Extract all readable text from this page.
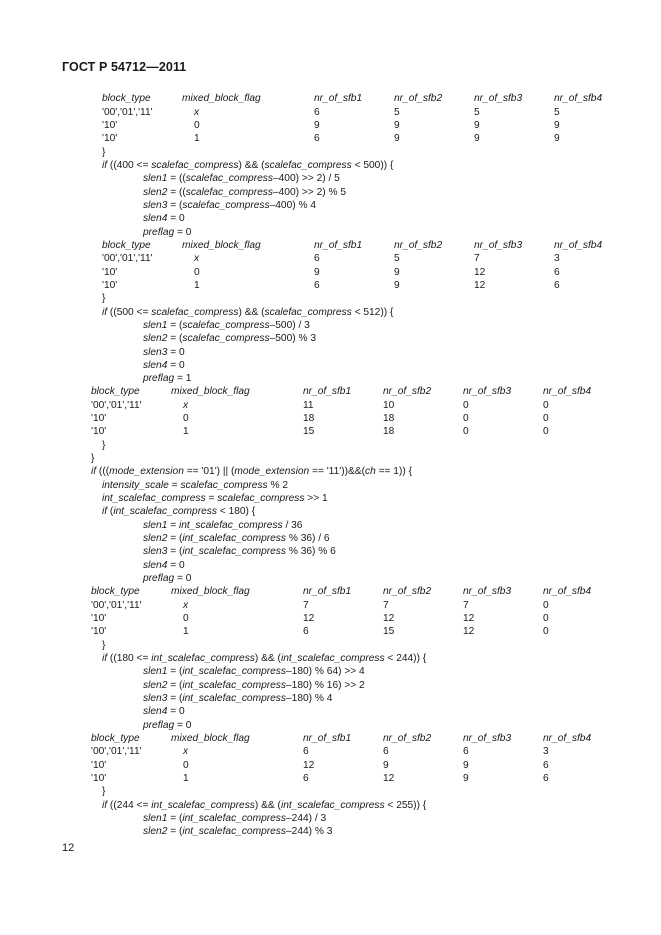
ГОСТ Р 54712—2011
block_type	mixed_block_flag	nr_of_sfb1	nr_of_sfb2	nr_of_sfb3	nr_of_sfb4
'00','01','11'	x	6	5	5	5
'10'	0	9	9	9	9
'10'	1	6	9	9	9
}
if ((400 <= scalefac_compress) && (scalefac_compress < 500)) {
slen1 = ((scalefac_compress–400) >> 2) / 5
slen2 = ((scalefac_compress–400) >> 2) % 5
slen3 = (scalefac_compress–400) % 4
slen4 = 0
preflag = 0
block_type	mixed_block_flag	nr_of_sfb1	nr_of_sfb2	nr_of_sfb3	nr_of_sfb4
'00','01','11'	x	6	5	7	3
'10'	0	9	9	12	6
'10'	1	6	9	12	6
}
if ((500 <= scalefac_compress) && (scalefac_compress < 512)) {
slen1 = (scalefac_compress–500) / 3
slen2 = (scalefac_compress–500) % 3
slen3 = 0
slen4 = 0
preflag = 1
block_type	mixed_block_flag	nr_of_sfb1	nr_of_sfb2	nr_of_sfb3	nr_of_sfb4
'00','01','11'	x	11	10	0	0
'10'	0	18	18	0	0
'10'	1	15	18	0	0
}
}
if (((mode_extension == '01') || (mode_extension == '11'))&&(ch == 1)) {
intensity_scale = scalefac_compress % 2
int_scalefac_compress = scalefac_compress >> 1
if (int_scalefac_compress < 180) {
slen1 = int_scalefac_compress / 36
slen2 = (int_scalefac_compress % 36) / 6
slen3 = (int_scalefac_compress % 36) % 6
slen4 = 0
preflag = 0
block_type	mixed_block_flag	nr_of_sfb1	nr_of_sfb2	nr_of_sfb3	nr_of_sfb4
'00','01','11'	x	7	7	7	0
'10'	0	12	12	12	0
'10'	1	6	15	12	0
}
if ((180 <= int_scalefac_compress) && (int_scalefac_compress < 244)) {
slen1 = (int_scalefac_compress–180) % 64) >> 4
slen2 = (int_scalefac_compress–180) % 16) >> 2
slen3 = (int_scalefac_compress–180) % 4
slen4 = 0
preflag = 0
block_type	mixed_block_flag	nr_of_sfb1	nr_of_sfb2	nr_of_sfb3	nr_of_sfb4
'00','01','11'	x	6	6	6	3
'10'	0	12	9	9	6
'10'	1	6	12	9	6
}
if ((244 <= int_scalefac_compress) && (int_scalefac_compress < 255)) {
slen1 = (int_scalefac_compress–244) / 3
slen2 = (int_scalefac_compress–244) % 3
12
